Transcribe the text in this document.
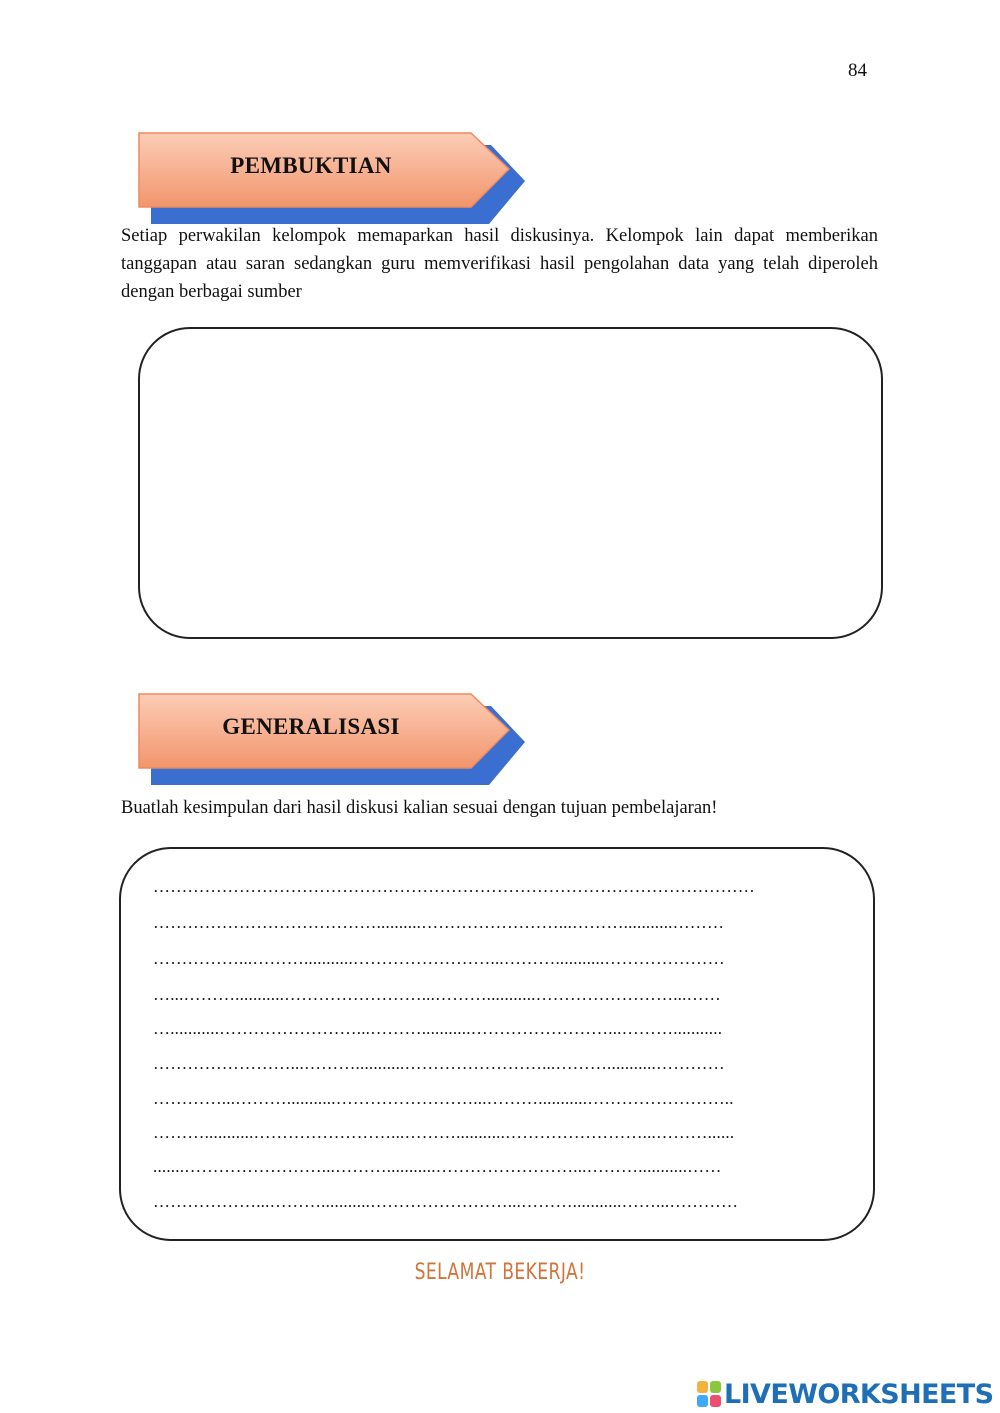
84
PEMBUKTIAN
Setiap perwakilan kelompok memaparkan hasil diskusinya. Kelompok lain dapat memberikan tanggapan atau saran sedangkan guru memverifikasi hasil pengolahan data yang telah diperoleh dengan berbagai sumber
GENERALISASI
Buatlah kesimpulan dari hasil diskusi kalian sesuai dengan tujuan pembelajaran!
……………………………………………………………………………………………
…………………………………..........……………………...………...........………
……………...………...........……………………...………...........…………………
…...………...........……………………...………...........……………………...……
…...........……………………...………...........……………………...………...........
……………………...………...........……………………...………...........…………
…………...………...........……………………...………...........……………………..
………...........……………………...………...........……………………...………......
.......……………………...………...........……………………...………...........……
………………...………...........……………………...………...........……...…………
SELAMAT BEKERJA!
LIVEWORKSHEETS
